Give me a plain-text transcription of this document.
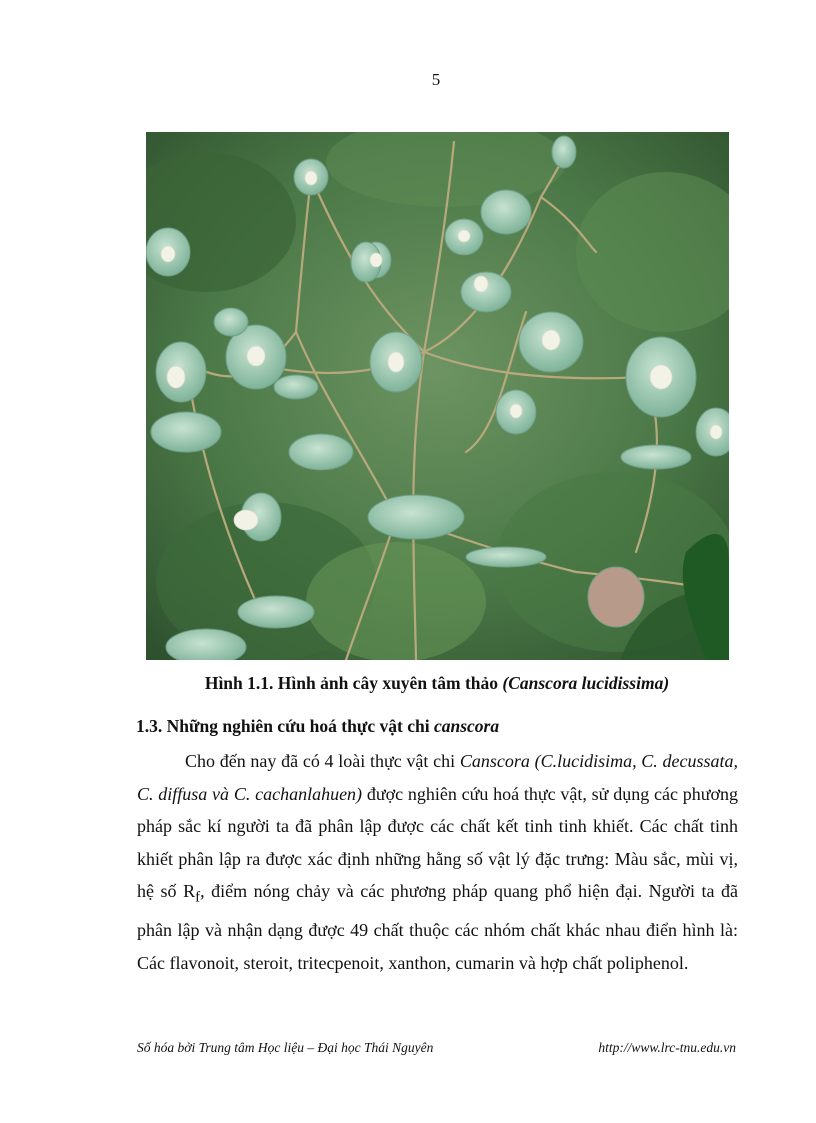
5
Hình 1.1. Hình ảnh cây xuyên tâm thảo (Canscora lucidissima)
1.3. Những nghiên cứu hoá thực vật chi canscora

Cho đến nay đã có 4 loài thực vật chi Canscora (C.lucidisima, C. decussata, C. diffusa và C. cachanlahuen) được nghiên cứu hoá thực vật, sử dụng các phương pháp sắc kí người ta đã phân lập được các chất kết tinh tinh khiết. Các chất tinh khiết phân lập ra được xác định những hằng số vật lý đặc trưng: Màu sắc, mùi vị, hệ số $R_f$, điểm nóng chảy và các phương pháp quang phổ hiện đại. Người ta đã phân lập và nhận dạng được 49 chất thuộc các nhóm chất khác nhau điển hình là: Các flavonoit, steroit, tritecpenoit, xanthon, cumarin và hợp chất poliphenol.

Số hóa bởi Trung tâm Học liệu – Đại học Thái Nguyên	http://www.lrc-tnu.edu.vn
